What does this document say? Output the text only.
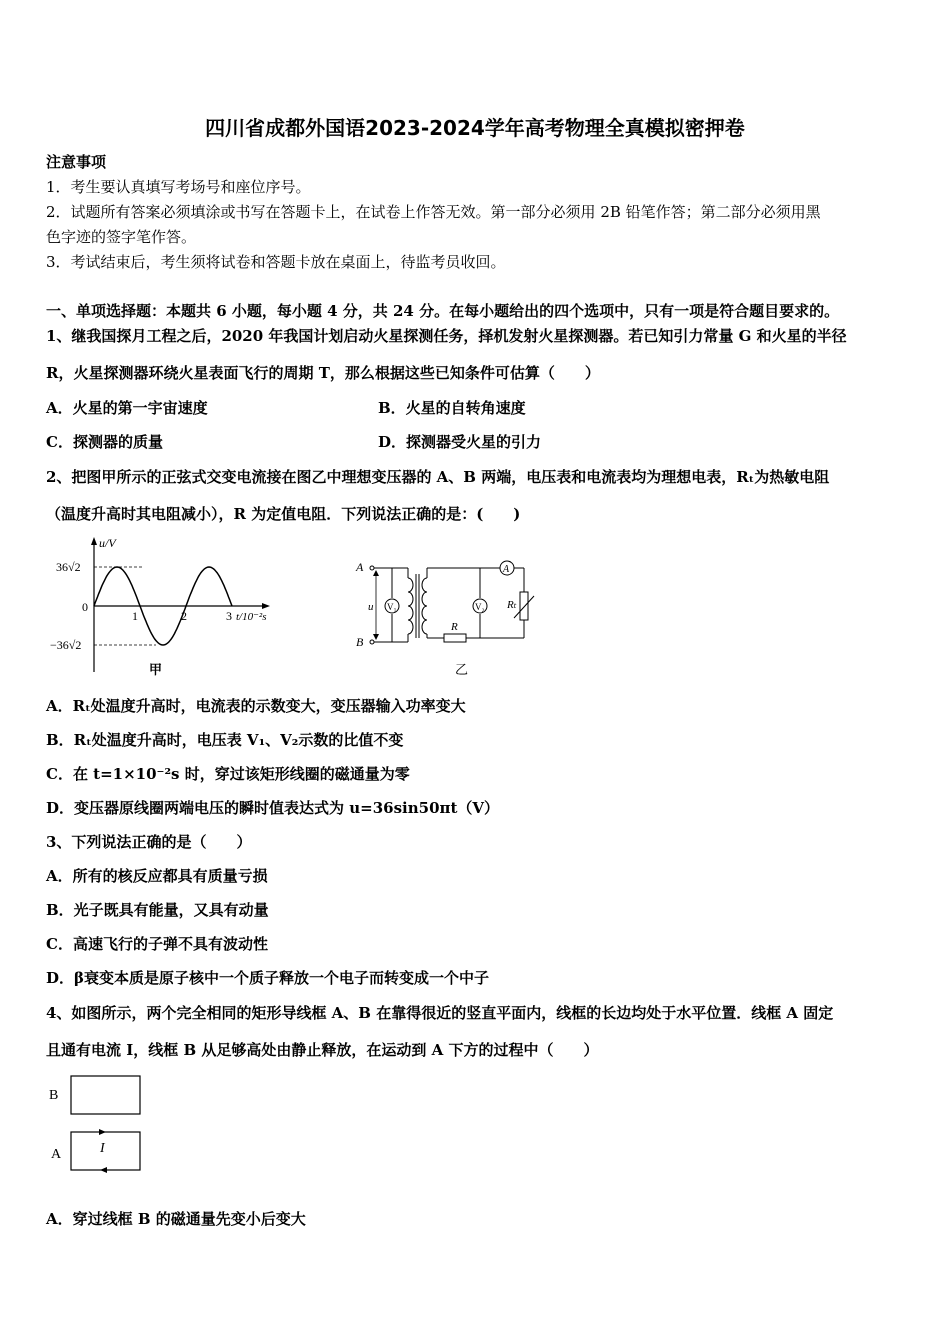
四川省成都外国语2023-2024学年高考物理全真模拟密押卷
注意事项
1．考生要认真填写考场号和座位序号。
2．试题所有答案必须填涂或书写在答题卡上，在试卷上作答无效。第一部分必须用 2B 铅笔作答；第二部分必须用黑
色字迹的签字笔作答。
3．考试结束后，考生须将试卷和答题卡放在桌面上，待监考员收回。
一、单项选择题：本题共 6 小题，每小题 4 分，共 24 分。在每小题给出的四个选项中，只有一项是符合题目要求的。
1、继我国探月工程之后，2020 年我国计划启动火星探测任务，择机发射火星探测器。若已知引力常量 G 和火星的半径
R，火星探测器环绕火星表面飞行的周期 T，那么根据这些已知条件可估算（　　）
A．火星的第一宇宙速度	B．火星的自转角速度
C．探测器的质量	D．探测器受火星的引力
2、把图甲所示的正弦式交变电流接在图乙中理想变压器的 A、B 两端，电压表和电流表均为理想电表，Rₜ为热敏电阻
（温度升高时其电阻减小），R 为定值电阻．下列说法正确的是：(　　)
u/V
36√2
−36√2
0
1	2	3 t/10⁻²s
甲
A
B
u V₁
A
R
V₂ Rₜ
乙
A．Rₜ处温度升高时，电流表的示数变大，变压器输入功率变大
B．Rₜ处温度升高时，电压表 V₁、V₂示数的比值不变
C．在 t=1×10⁻²s 时，穿过该矩形线圈的磁通量为零
D．变压器原线圈两端电压的瞬时值表达式为 u=36sin50πt（V）
3、下列说法正确的是（　　）
A．所有的核反应都具有质量亏损
B．光子既具有能量，又具有动量
C．高速飞行的子弹不具有波动性
D．β衰变本质是原子核中一个质子释放一个电子而转变成一个中子
4、如图所示，两个完全相同的矩形导线框 A、B 在靠得很近的竖直平面内，线框的长边均处于水平位置．线框 A 固定
且通有电流 I，线框 B 从足够高处由静止释放，在运动到 A 下方的过程中（　　）
B
A	I
A．穿过线框 B 的磁通量先变小后变大
